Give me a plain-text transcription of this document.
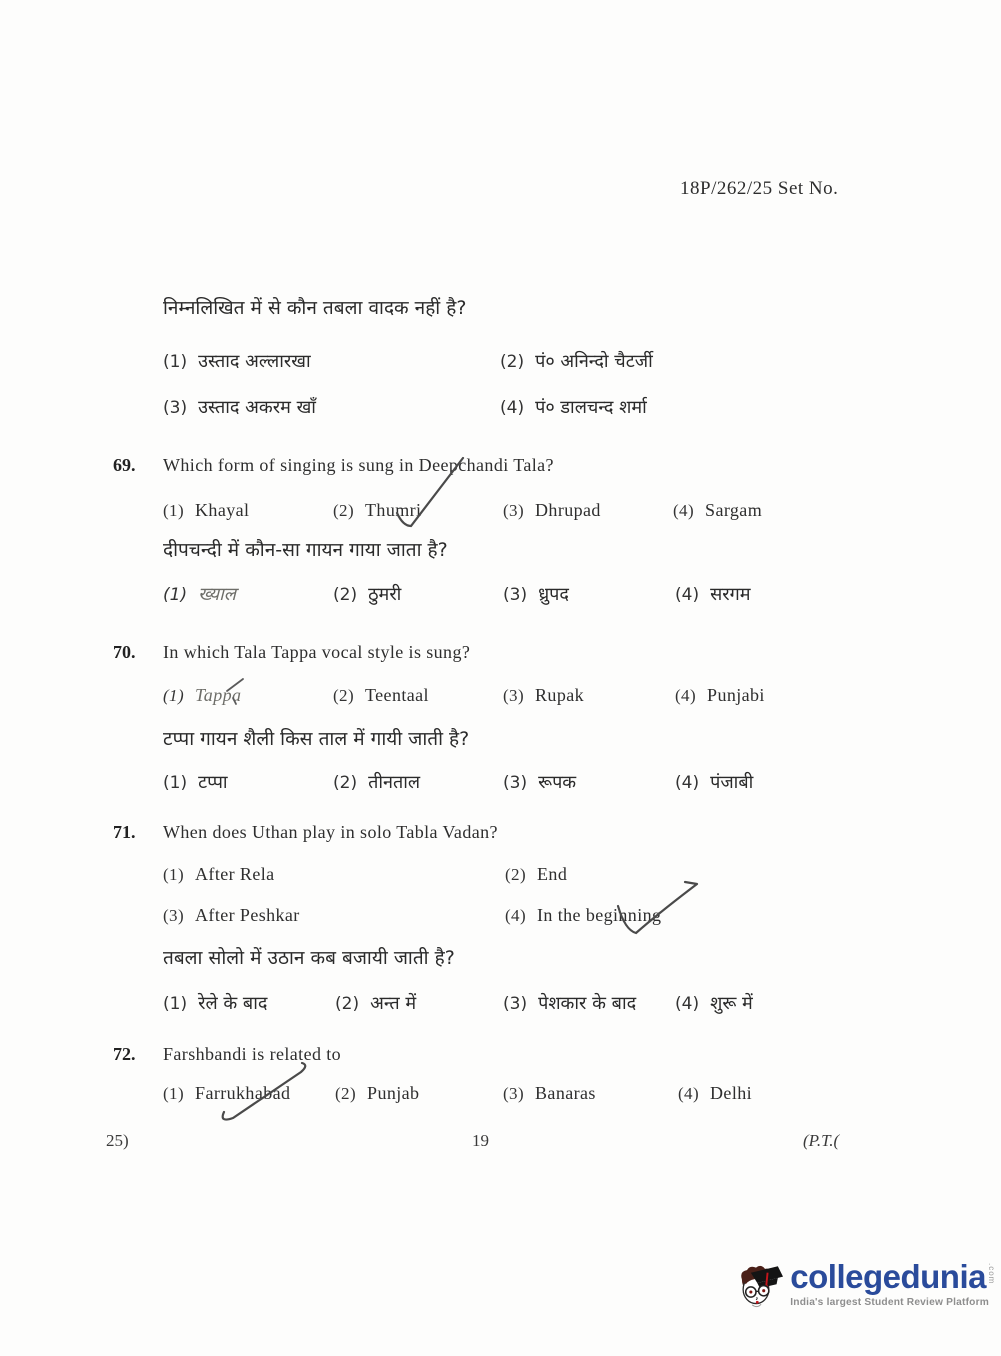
18P/262/25 Set No.
निम्नलिखित में से कौन तबला वादक नहीं है?
(1) उस्ताद अल्लारखा	(2) पं० अनिन्दो चैटर्जी
(3) उस्ताद अकरम खाँ	(4) पं० डालचन्द शर्मा
69. Which form of singing is sung in Deepchandi Tala?
(1) Khayal	(2) Thumri	(3) Dhrupad	(4) Sargam
दीपचन्दी में कौन-सा गायन गाया जाता है?
(1) ख्याल	(2) ठुमरी	(3) ध्रुपद	(4) सरगम
70. In which Tala Tappa vocal style is sung?
(1) Tappa	(2) Teentaal	(3) Rupak	(4) Punjabi
टप्पा गायन शैली किस ताल में गायी जाती है?
(1) टप्पा	(2) तीनताल	(3) रूपक	(4) पंजाबी
71. When does Uthan play in solo Tabla Vadan?
(1) After Rela	(2) End
(3) After Peshkar	(4) In the beginning
तबला सोलो में उठान कब बजायी जाती है?
(1) रेले के बाद	(2) अन्त में	(3) पेशकार के बाद (4) शुरू में
72. Farshbandi is related to
(1) Farrukhabad	(2) Punjab	(3) Banaras	(4) Delhi
25)	19	(P.T.(
collegedunia .com
India's largest Student Review Platform
